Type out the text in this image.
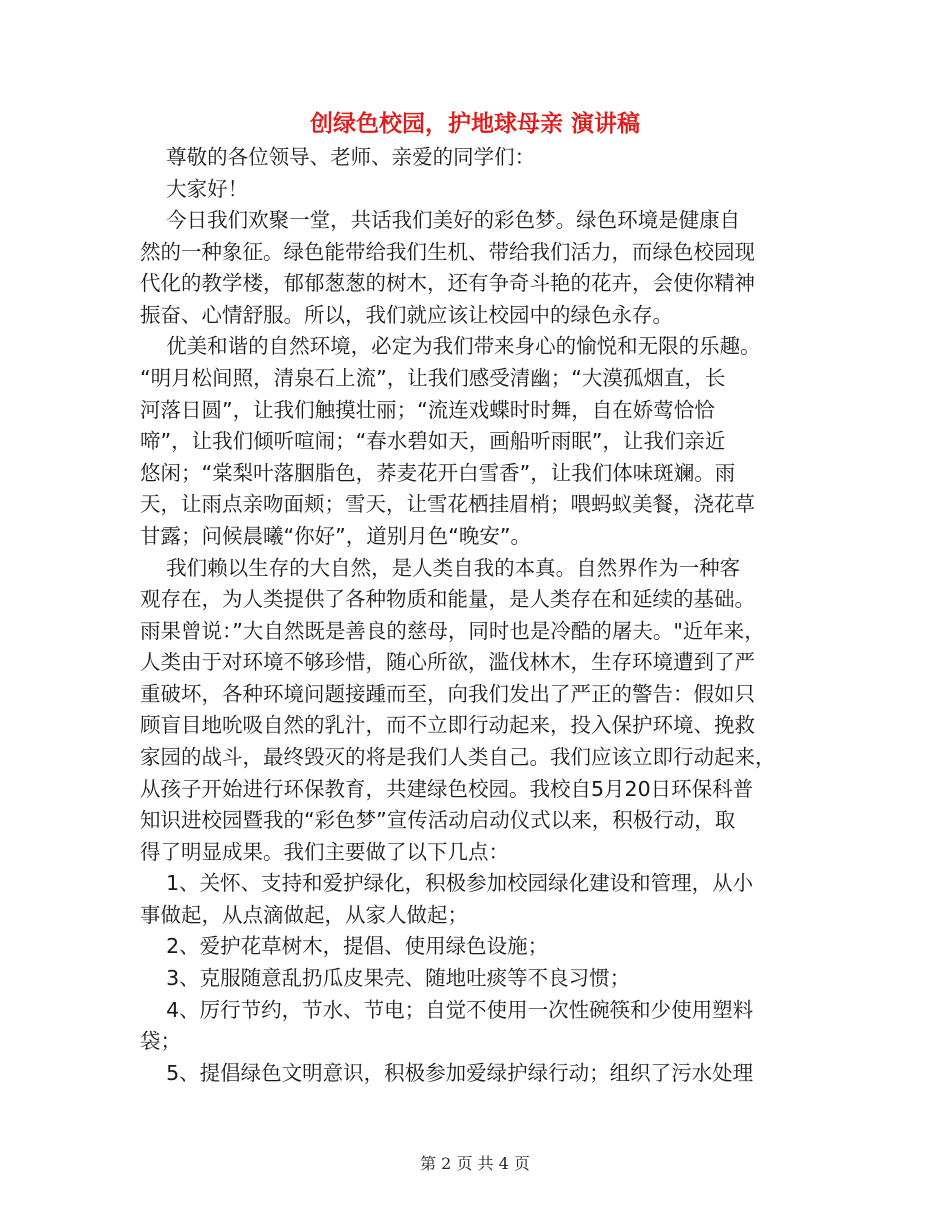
创绿色校园，护地球母亲 演讲稿
尊敬的各位领导、老师、亲爱的同学们：
大家好！
今日我们欢聚一堂，共话我们美好的彩色梦。绿色环境是健康自
然的一种象征。绿色能带给我们生机、带给我们活力，而绿色校园现
代化的教学楼，郁郁葱葱的树木，还有争奇斗艳的花卉，会使你精神
振奋、心情舒服。所以，我们就应该让校园中的绿色永存。
优美和谐的自然环境，必定为我们带来身心的愉悦和无限的乐趣。
“明月松间照，清泉石上流”，让我们感受清幽；“大漠孤烟直，长
河落日圆”，让我们触摸壮丽；“流连戏蝶时时舞，自在娇莺恰恰
啼”，让我们倾听喧闹；“春水碧如天，画船听雨眠”，让我们亲近
悠闲；“棠梨叶落胭脂色，荞麦花开白雪香”，让我们体味斑斓。雨
天，让雨点亲吻面颊；雪天，让雪花栖挂眉梢；喂蚂蚁美餐，浇花草
甘露；问候晨曦“你好”，道别月色“晚安”。
我们赖以生存的大自然，是人类自我的本真。自然界作为一种客
观存在，为人类提供了各种物质和能量，是人类存在和延续的基础。
雨果曾说：”大自然既是善良的慈母，同时也是冷酷的屠夫。"近年来，
人类由于对环境不够珍惜，随心所欲，滥伐林木，生存环境遭到了严
重破坏，各种环境问题接踵而至，向我们发出了严正的警告：假如只
顾盲目地吮吸自然的乳汁，而不立即行动起来，投入保护环境、挽救
家园的战斗，最终毁灭的将是我们人类自己。我们应该立即行动起来，
从孩子开始进行环保教育，共建绿色校园。我校自5月20日环保科普
知识进校园暨我的“彩色梦”宣传活动启动仪式以来，积极行动，取
得了明显成果。我们主要做了以下几点：
1、关怀、支持和爱护绿化，积极参加校园绿化建设和管理，从小
事做起，从点滴做起，从家人做起；
2、爱护花草树木，提倡、使用绿色设施；
3、克服随意乱扔瓜皮果壳、随地吐痰等不良习惯；
4、厉行节约，节水、节电；自觉不使用一次性碗筷和少使用塑料
袋；
5、提倡绿色文明意识，积极参加爱绿护绿行动；组织了污水处理
第 2 页 共 4 页
